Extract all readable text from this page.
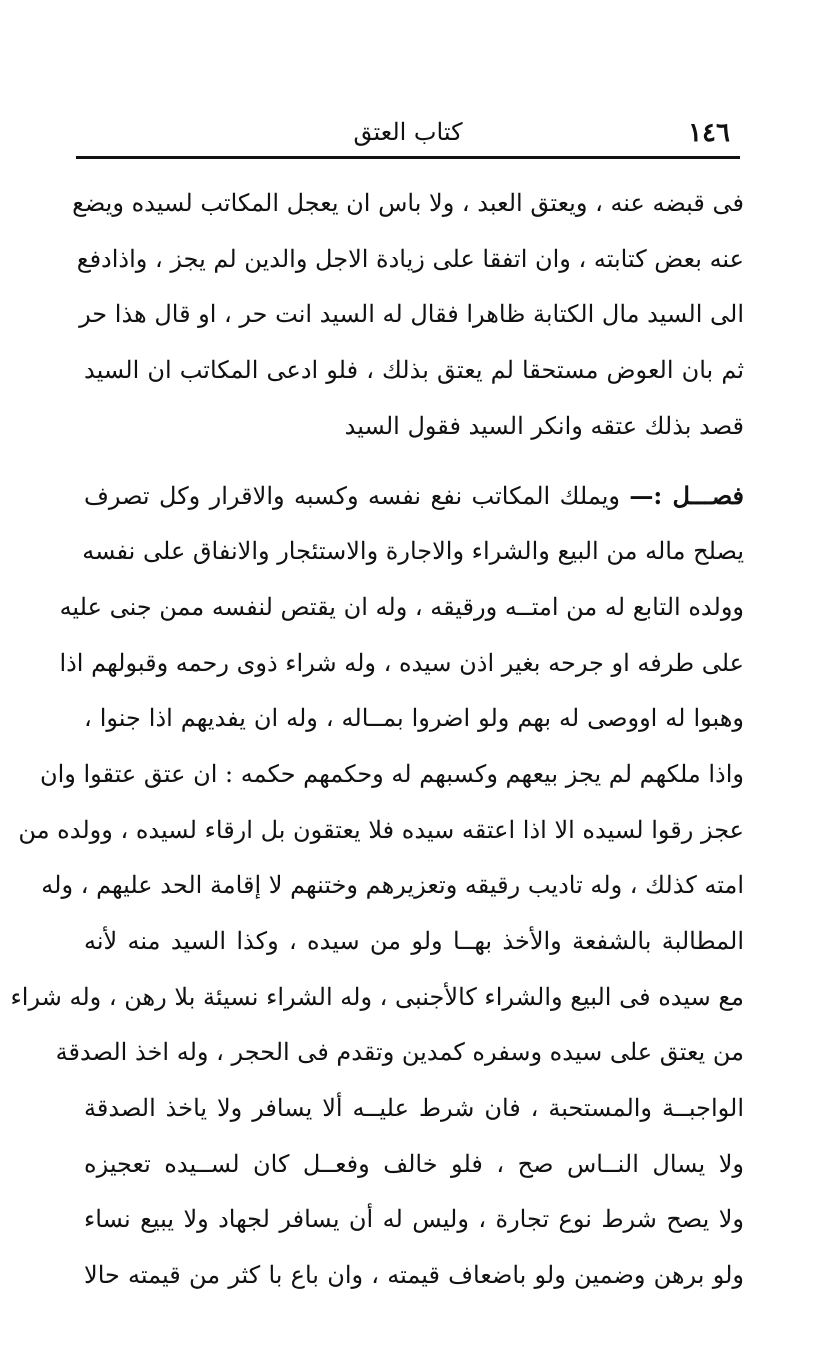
١٤٦
كتاب العتق
فى قبضه عنه ، ويعتق العبد ، ولا باس ان يعجل المكاتب لسيده ويضع
عنه بعض كتابته ، وان اتفقا على زيادة الاجل والدين لم يجز ، واذادفع
الى السيد مال الكتابة ظاهرا فقال له السيد انت حر ، او قال هذا حر
ثم بان العوض مستحقا لم يعتق بذلك ، فلو ادعى المكاتب ان السيد
قصد بذلك عتقه وانكر السيد فقول السيد
فصـــل :— ويملك المكاتب نفع نفسه وكسبه والاقرار وكل تصرف
يصلح ماله من البيع والشراء والاجارة والاستئجار والانفاق على نفسه
وولده التابع له من امتــه ورقيقه ، وله ان يقتص لنفسه ممن جنى عليه
على طرفه او جرحه بغير اذن سيده ، وله شراء ذوى رحمه وقبولهم اذا
وهبوا له اووصى له بهم ولو اضروا بمــاله ، وله ان يفديهم اذا جنوا ،
واذا ملكهم لم يجز بيعهم وكسبهم له وحكمهم حكمه : ان عتق عتقوا وان
عجز رقوا لسيده الا اذا اعتقه سيده فلا يعتقون بل ارقاء لسيده ، وولده من
امته كذلك ، وله تاديب رقيقه وتعزيرهم وختنهم لا إقامة الحد عليهم ، وله
المطالبة بالشفعة والأخذ بهــا ولو من سيده ، وكذا السيد منه لأنه
مع سيده فى البيع والشراء كالأجنبى ، وله الشراء نسيئة بلا رهن ، وله شراء
من يعتق على سيده وسفره كمدين وتقدم فى الحجر ، وله اخذ الصدقة
الواجبــة والمستحبة ، فان شرط عليــه ألا يسافر ولا ياخذ الصدقة
ولا يسال النــاس صح ، فلو خالف وفعــل كان لســيده تعجيزه
ولا يصح شرط نوع تجارة ، وليس له أن يسافر لجهاد ولا يبيع نساء
ولو برهن وضمين ولو باضعاف قيمته ، وان باع با كثر من قيمته حالا
